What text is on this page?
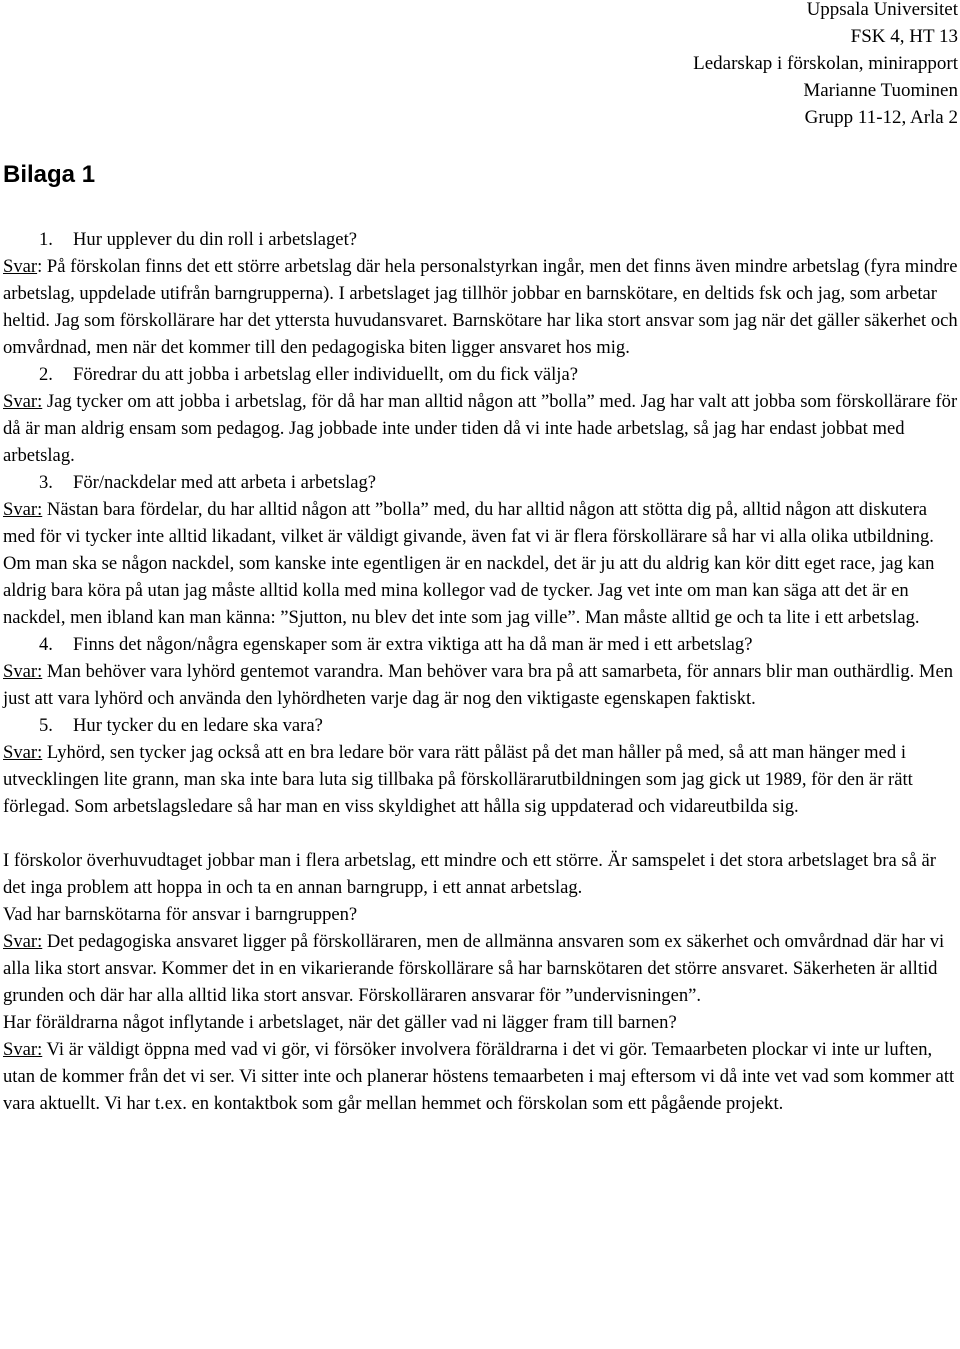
Uppsala Universitet
FSK 4, HT 13
Ledarskap i förskolan, minirapport
Marianne Tuominen
Grupp 11-12, Arla 2
Bilaga 1
1. Hur upplever du din roll i arbetslaget?

Svar: På förskolan finns det ett större arbetslag där hela personalstyrkan ingår, men det finns även mindre arbetslag (fyra mindre arbetslag, uppdelade utifrån barngrupperna). I arbetslaget jag tillhör jobbar en barnskötare, en deltids fsk och jag, som arbetar heltid. Jag som förskollärare har det yttersta huvudansvaret. Barnskötare har lika stort ansvar som jag när det gäller säkerhet och omvårdnad, men när det kommer till den pedagogiska biten ligger ansvaret hos mig.

2. Föredrar du att jobba i arbetslag eller individuellt, om du fick välja?

Svar: Jag tycker om att jobba i arbetslag, för då har man alltid någon att ”bolla” med. Jag har valt att jobba som förskollärare för då är man aldrig ensam som pedagog. Jag jobbade inte under tiden då vi inte hade arbetslag, så jag har endast jobbat med arbetslag.

3. För/nackdelar med att arbeta i arbetslag?

Svar: Nästan bara fördelar, du har alltid någon att ”bolla” med, du har alltid någon att stötta dig på, alltid någon att diskutera med för vi tycker inte alltid likadant, vilket är väldigt givande, även fat vi är flera förskollärare så har vi alla olika utbildning. Om man ska se någon nackdel, som kanske inte egentligen är en nackdel, det är ju att du aldrig kan kör ditt eget race, jag kan aldrig bara köra på utan jag måste alltid kolla med mina kollegor vad de tycker. Jag vet inte om man kan säga att det är en nackdel, men ibland kan man känna: ”Sjutton, nu blev det inte som jag ville”. Man måste alltid ge och ta lite i ett arbetslag.

4. Finns det någon/några egenskaper som är extra viktiga att ha då man är med i ett arbetslag?

Svar: Man behöver vara lyhörd gentemot varandra. Man behöver vara bra på att samarbeta, för annars blir man outhärdlig. Men just att vara lyhörd och använda den lyhördheten varje dag är nog den viktigaste egenskapen faktiskt.

5. Hur tycker du en ledare ska vara?

Svar: Lyhörd, sen tycker jag också att en bra ledare bör vara rätt påläst på det man håller på med, så att man hänger med i utvecklingen lite grann, man ska inte bara luta sig tillbaka på förskollärarutbildningen som jag gick ut 1989, för den är rätt förlegad. Som arbetslagsledare så har man en viss skyldighet att hålla sig uppdaterad och vidareutbilda sig.

I förskolor överhuvudtaget jobbar man i flera arbetslag, ett mindre och ett större. Är samspelet i det stora arbetslaget bra så är det inga problem att hoppa in och ta en annan barngrupp, i ett annat arbetslag.

Vad har barnskötarna för ansvar i barngruppen?

Svar: Det pedagogiska ansvaret ligger på förskolläraren, men de allmänna ansvaren som ex säkerhet och omvårdnad där har vi alla lika stort ansvar. Kommer det in en vikarierande förskollärare så har barnskötaren det större ansvaret. Säkerheten är alltid grunden och där har alla alltid lika stort ansvar. Förskolläraren ansvarar för ”undervisningen”.

Har föräldrarna något inflytande i arbetslaget, när det gäller vad ni lägger fram till barnen?

Svar: Vi är väldigt öppna med vad vi gör, vi försöker involvera föräldrarna i det vi gör. Temaarbeten plockar vi inte ur luften, utan de kommer från det vi ser. Vi sitter inte och planerar höstens temaarbeten i maj eftersom vi då inte vet vad som kommer att vara aktuellt. Vi har t.ex. en kontaktbok som går mellan hemmet och förskolan som ett pågående projekt.
